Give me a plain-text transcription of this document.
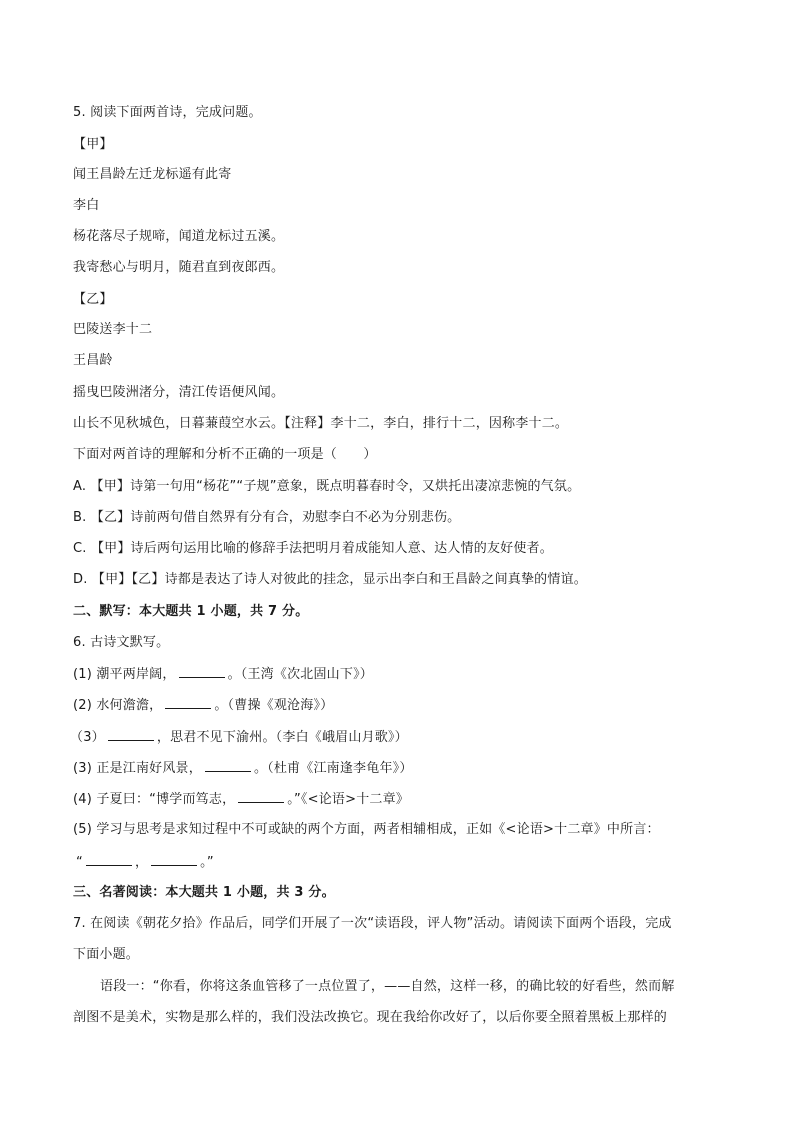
5. 阅读下面两首诗，完成问题。
【甲】
闻王昌龄左迁龙标遥有此寄
李白
杨花落尽子规啼，闻道龙标过五溪。
我寄愁心与明月，随君直到夜郎西。
【乙】
巴陵送李十二
王昌龄
摇曳巴陵洲渚分，清江传语便风闻。
山长不见秋城色，日暮蒹葭空水云。【注释】李十二，李白，排行十二，因称李十二。
下面对两首诗的理解和分析不正确的一项是（　　）
A. 【甲】诗第一句用“杨花”“子规”意象，既点明暮春时令，又烘托出凄凉悲惋的气氛。
B. 【乙】诗前两句借自然界有分有合，劝慰李白不必为分别悲伤。
C. 【甲】诗后两句运用比喻的修辞手法把明月着成能知人意、达人情的友好使者。
D. 【甲】【乙】诗都是表达了诗人对彼此的挂念，显示出李白和王昌龄之间真挚的情谊。
二、默写：本大题共 1 小题，共 7 分。
6. 古诗文默写。
(1) 潮平两岸阔，	。（王湾《次北固山下》）
(2) 水何澹澹，	。（曹操《观沧海》）
（3）	，思君不见下渝州。（李白《峨眉山月歌》）
(3) 正是江南好风景，	。（杜甫《江南逢李龟年》）
(4) 子夏曰：“博学而笃志，	。”《<论语>十二章》
(5) 学习与思考是求知过程中不可或缺的两个方面，两者相辅相成，正如《<论语>十二章》中所言：
“	，	。”
三、名著阅读：本大题共 1 小题，共 3 分。
7. 在阅读《朝花夕拾》作品后，同学们开展了一次“读语段，评人物”活动。请阅读下面两个语段，完成
下面小题。
语段一：“你看，你将这条血管移了一点位置了，——自然，这样一移，的确比较的好看些，然而解
剖图不是美术，实物是那么样的，我们没法改换它。现在我给你改好了，以后你要全照着黑板上那样的
